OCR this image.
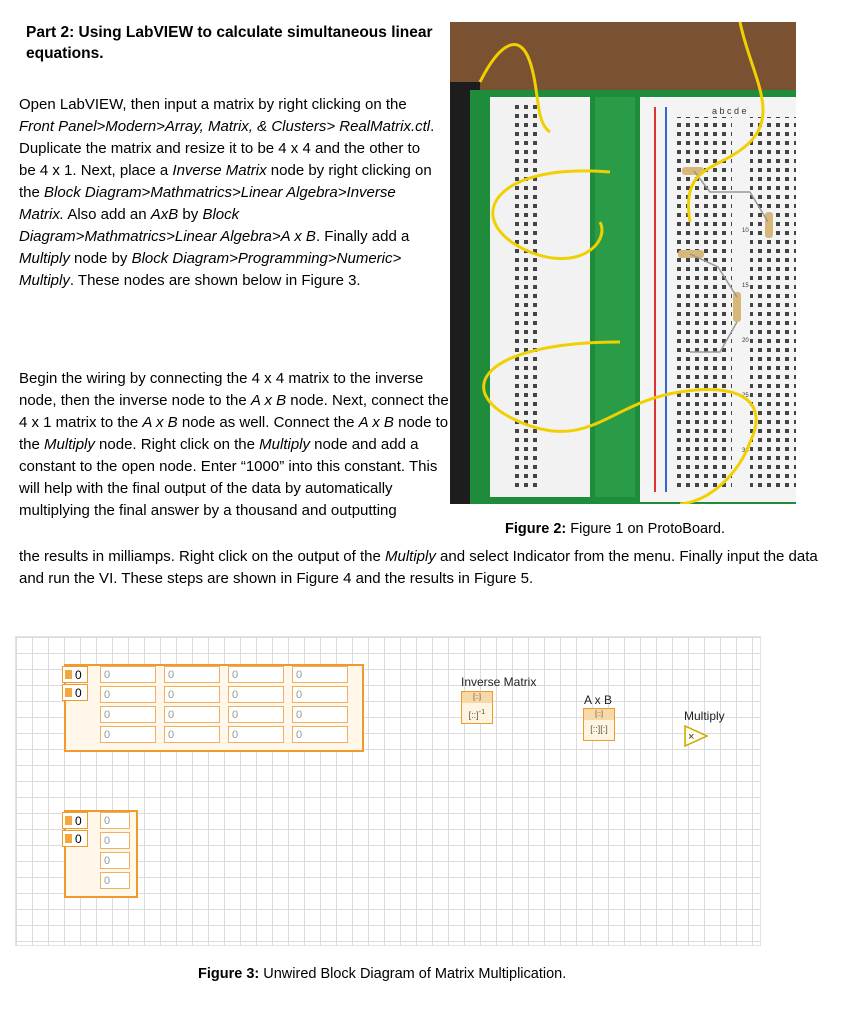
Part 2: Using LabVIEW to calculate simultaneous linear equations.

Open LabVIEW, then input a matrix by right clicking on the Front Panel>Modern>Array, Matrix, & Clusters> RealMatrix.ctl. Duplicate the matrix and resize it to be 4 x 4 and the other to be 4 x 1. Next, place a Inverse Matrix node by right clicking on the Block Diagram>Mathmatrics>Linear Algebra>Inverse Matrix. Also add an AxB by Block Diagram>Mathmatrics>Linear Algebra>A x B. Finally add a Multiply node by Block Diagram>Programming>Numeric> Multiply. These nodes are shown below in Figure 3.

a b c d e
10
15
20
25
30

Begin the wiring by connecting the 4 x 4 matrix to the inverse node, then the inverse node to the A x B node. Next, connect the 4 x 1 matrix to the A x B node as well. Connect the A x B node to the Multiply node. Right click on the Multiply node and add a constant to the open node. Enter “1000” into this constant. This will help with the final output of the data by automatically multiplying the final answer by a thousand and outputting

Figure 2: Figure 1 on ProtoBoard.

the results in milliamps. Right click on the output of the Multiply and select Indicator from the menu. Finally input the data and run the VI. These steps are shown in Figure 4 and the results in Figure 5.

0
0
0	0	0	0
0	0	0	0
0	0	0	0
0	0	0	0
0
0
0
0
0
0
Inverse Matrix
[::]
[::]$^{-1}$
A x B
[::]
[::][:]
Multiply
×
Figure 3: Unwired Block Diagram of Matrix Multiplication.
